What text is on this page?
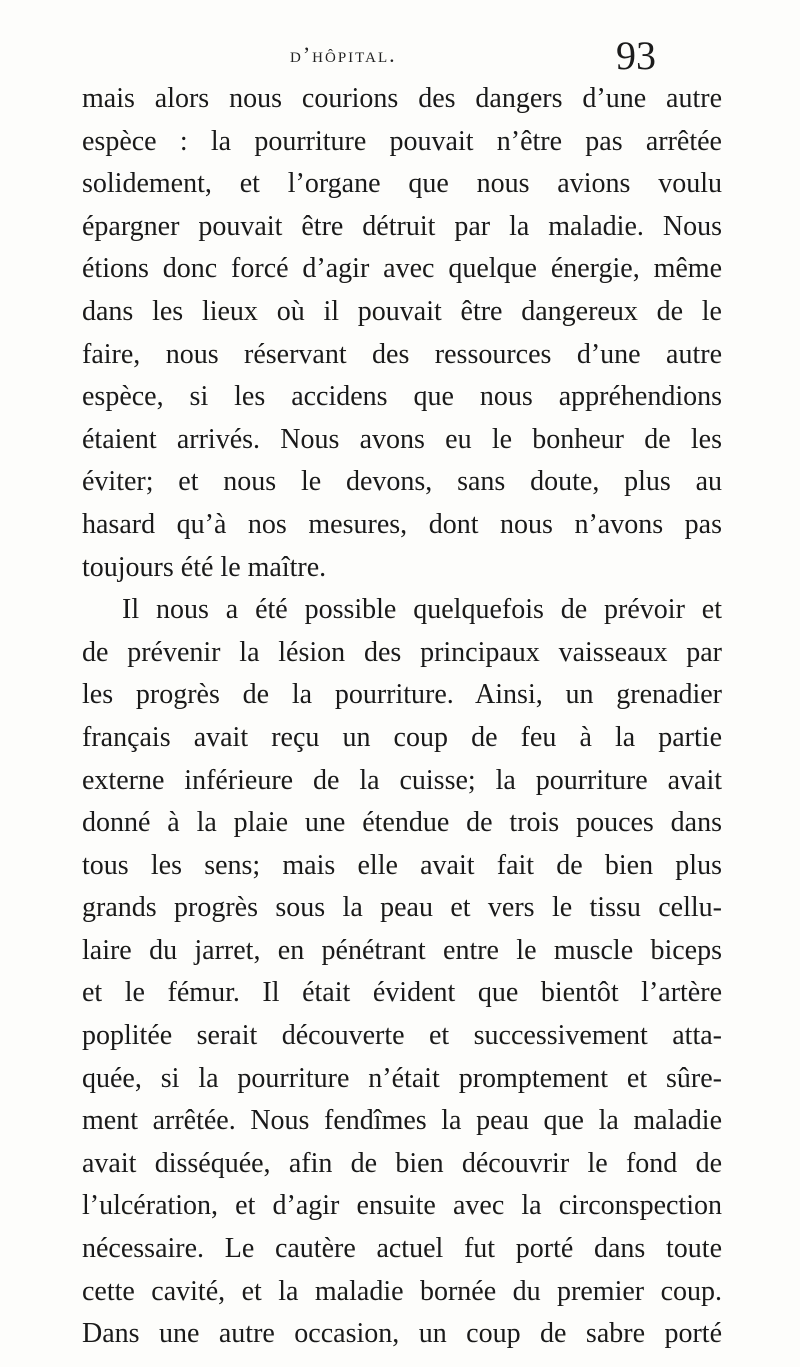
d’hôpital.	93
mais alors nous courions des dangers d’une autre
espèce : la pourriture pouvait n’être pas arrêtée
solidement, et l’organe que nous avions voulu
épargner pouvait être détruit par la maladie. Nous
étions donc forcé d’agir avec quelque énergie, même
dans les lieux où il pouvait être dangereux de le
faire, nous réservant des ressources d’une autre
espèce, si les accidens que nous appréhendions
étaient arrivés. Nous avons eu le bonheur de les
éviter; et nous le devons, sans doute, plus au
hasard qu’à nos mesures, dont nous n’avons pas
toujours été le maître.
Il nous a été possible quelquefois de prévoir et
de prévenir la lésion des principaux vaisseaux par
les progrès de la pourriture. Ainsi, un grenadier
français avait reçu un coup de feu à la partie
externe inférieure de la cuisse; la pourriture avait
donné à la plaie une étendue de trois pouces dans
tous les sens; mais elle avait fait de bien plus
grands progrès sous la peau et vers le tissu cellu-
laire du jarret, en pénétrant entre le muscle biceps
et le fémur. Il était évident que bientôt l’artère
poplitée serait découverte et successivement atta-
quée, si la pourriture n’était promptement et sûre-
ment arrêtée. Nous fendîmes la peau que la maladie
avait disséquée, afin de bien découvrir le fond de
l’ulcération, et d’agir ensuite avec la circonspection
nécessaire. Le cautère actuel fut porté dans toute
cette cavité, et la maladie bornée du premier coup.
Dans une autre occasion, un coup de sabre porté
